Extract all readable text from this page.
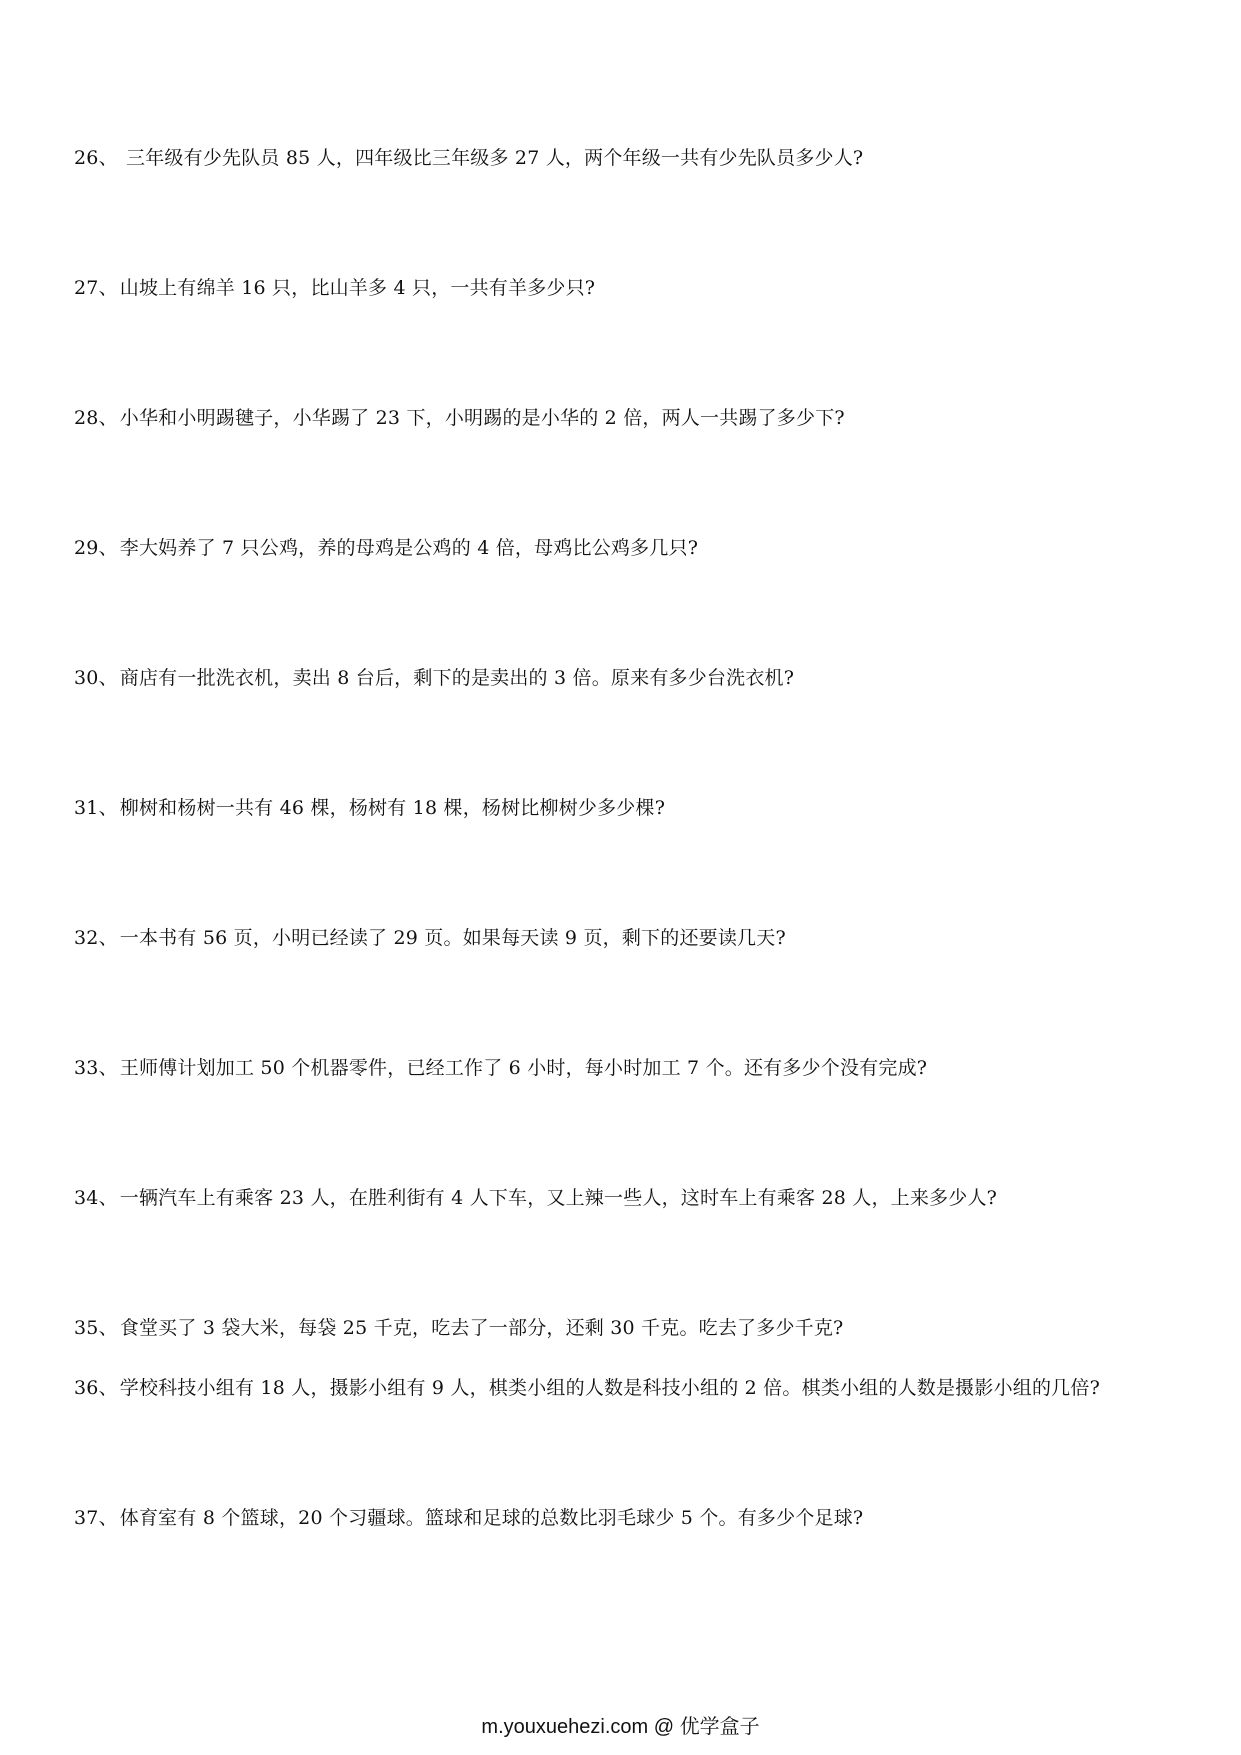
26、 三年级有少先队员 85 人，四年级比三年级多 27 人，两个年级一共有少先队员多少人?
27、 山坡上有绵羊 16 只，比山羊多 4 只，一共有羊多少只?
28、 小华和小明踢毽子，小华踢了 23 下，小明踢的是小华的 2 倍，两人一共踢了多少下?
29、 李大妈养了 7 只公鸡，养的母鸡是公鸡的 4 倍，母鸡比公鸡多几只?
30、 商店有一批洗衣机，卖出 8 台后，剩下的是卖出的 3 倍。原来有多少台洗衣机?
31、 柳树和杨树一共有 46 棵，杨树有 18 棵，杨树比柳树少多少棵?
32、 一本书有 56 页，小明已经读了 29 页。如果每天读 9 页，剩下的还要读几天?
33、 王师傅计划加工 50 个机器零件，已经工作了 6 小时，每小时加工 7 个。还有多少个没有完成?
34、 一辆汽车上有乘客 23 人，在胜利街有 4 人下车，又上辣一些人，这时车上有乘客 28 人，上来多少人?
35、 食堂买了 3 袋大米，每袋 25 千克，吃去了一部分，还剩 30 千克。吃去了多少千克?
36、 学校科技小组有 18 人，摄影小组有 9 人，棋类小组的人数是科技小组的 2 倍。棋类小组的人数是摄影小组的几倍?
37、 体育室有 8 个篮球，20 个习疆球。篮球和足球的总数比羽毛球少 5 个。有多少个足球?
m.youxuehezi.com @ 优学盒子
